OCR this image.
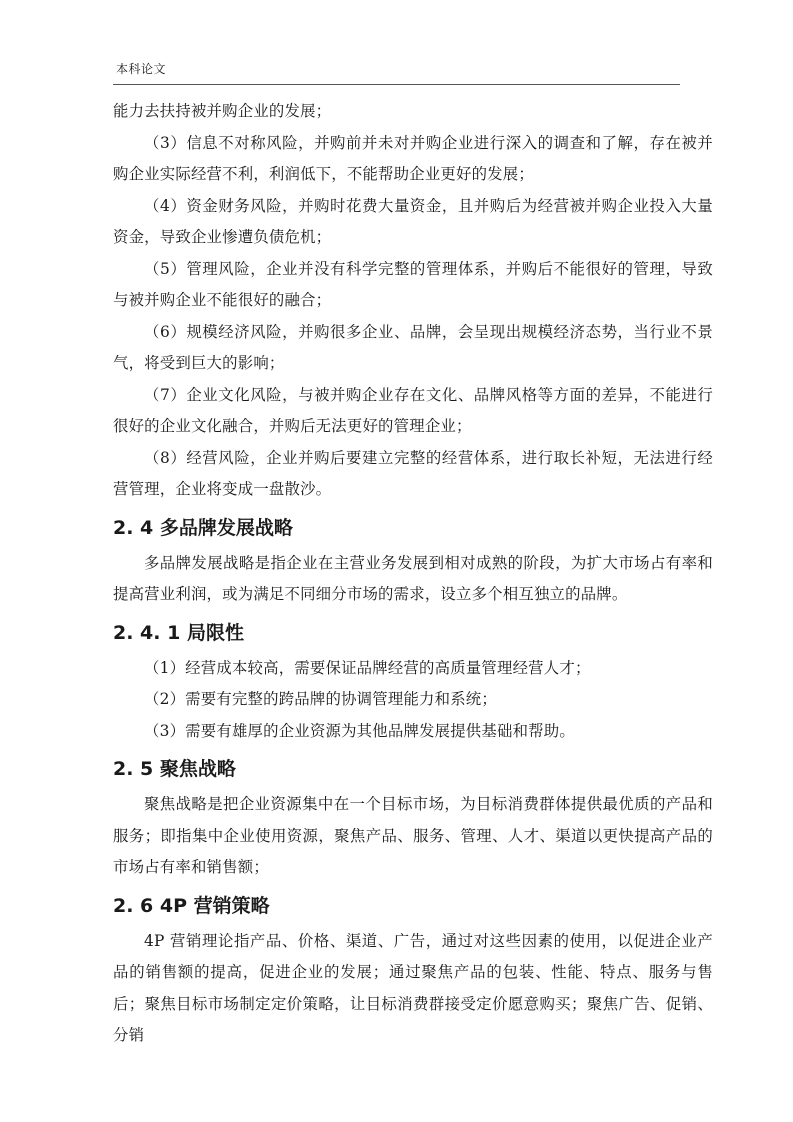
本科论文

能力去扶持被并购企业的发展；

（3）信息不对称风险，并购前并未对并购企业进行深入的调查和了解，存在被并购企业实际经营不利，利润低下，不能帮助企业更好的发展；

（4）资金财务风险，并购时花费大量资金，且并购后为经营被并购企业投入大量资金，导致企业惨遭负债危机；

（5）管理风险，企业并没有科学完整的管理体系，并购后不能很好的管理，导致与被并购企业不能很好的融合；

（6）规模经济风险，并购很多企业、品牌，会呈现出规模经济态势，当行业不景气，将受到巨大的影响；

（7）企业文化风险，与被并购企业存在文化、品牌风格等方面的差异，不能进行很好的企业文化融合，并购后无法更好的管理企业；

（8）经营风险，企业并购后要建立完整的经营体系，进行取长补短，无法进行经营管理，企业将变成一盘散沙。

2. 4 多品牌发展战略

多品牌发展战略是指企业在主营业务发展到相对成熟的阶段，为扩大市场占有率和提高营业利润，或为满足不同细分市场的需求，设立多个相互独立的品牌。

2. 4. 1 局限性

（1）经营成本较高，需要保证品牌经营的高质量管理经营人才；

（2）需要有完整的跨品牌的协调管理能力和系统；

（3）需要有雄厚的企业资源为其他品牌发展提供基础和帮助。

2. 5 聚焦战略

聚焦战略是把企业资源集中在一个目标市场，为目标消费群体提供最优质的产品和服务；即指集中企业使用资源，聚焦产品、服务、管理、人才、渠道以更快提高产品的市场占有率和销售额；

2. 6 4P 营销策略

4P 营销理论指产品、价格、渠道、广告，通过对这些因素的使用，以促进企业产品的销售额的提高，促进企业的发展；通过聚焦产品的包装、性能、特点、服务与售后；聚焦目标市场制定定价策略，让目标消费群接受定价愿意购买；聚焦广告、促销、分销
